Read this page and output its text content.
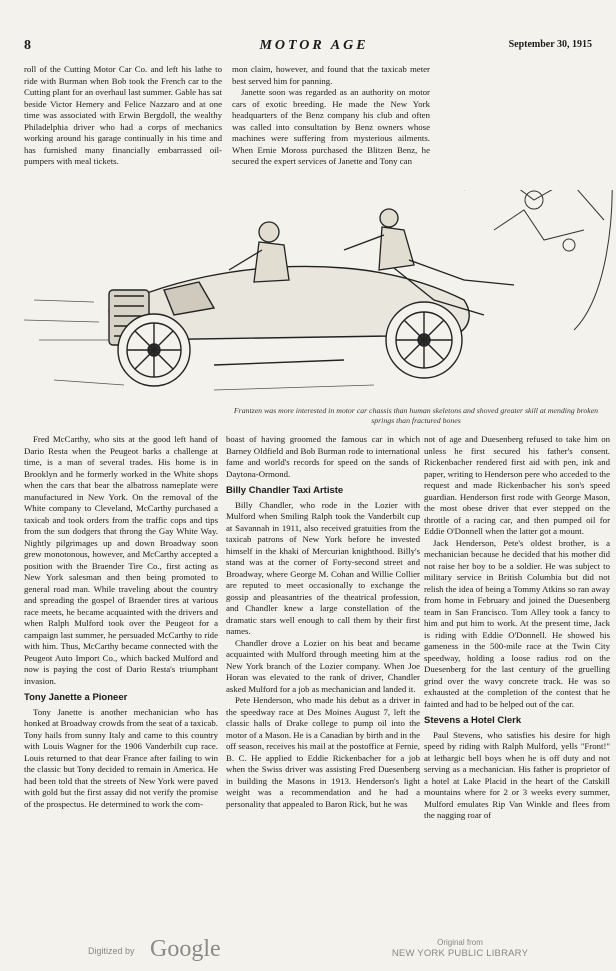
8	MOTOR AGE	September 30, 1915

roll of the Cutting Motor Car Co. and left his lathe to ride with Burman when Bob took the French car to the Cutting plant for an overhaul last summer. Gable has sat beside Victor Hemery and Felice Nazzaro and at one time was associated with Erwin Bergdoll, the wealthy Philadelphia driver who had a corps of mechanics working around his garage continually in his time and has furnished many financially embarrassed oil-pumpers with meal tickets.

mon claim, however, and found that the taxicab meter best served him for panning.

Janette soon was regarded as an authority on motor cars of exotic breeding. He made the New York headquarters of the Benz company his club and often was called into consultation by Benz owners whose machines were suffering from mysterious ailments. When Ernie Moross purchased the Blitzen Benz, he secured the expert services of Janette and Tony can

Frantzen was more interested in motor car chassis than human skeletons and shoved greater skill at mending broken springs than fractured bones

Fred McCarthy, who sits at the good left hand of Dario Resta when the Peugeot barks a challenge at time, is a man of several trades. His home is in Brooklyn and he formerly worked in the White shops when the cars that bear the albatross nameplate were manufactured in New York. On the removal of the White company to Cleveland, McCarthy purchased a taxicab and took orders from the traffic cops and tips from the sun dodgers that throng the Gay White Way. Nightly pilgrimages up and down Broadway soon grew monotonous, however, and McCarthy accepted a position with the Braender Tire Co., first acting as New York salesman and then being promoted to general road man. While traveling about the country and spreading the gospel of Braender tires at various race meets, he became acquainted with the drivers and when Ralph Mulford took over the Peugeot for a campaign last summer, he persuaded McCarthy to ride with him. Thus, McCarthy became connected with the Peugeot Auto Import Co., which backed Mulford and now is paying the cost of Dario Resta's triumphant invasion.

Tony Janette a Pioneer

Tony Janette is another mechanician who has honked at Broadway crowds from the seat of a taxicab. Tony hails from sunny Italy and came to this country with Louis Wagner for the 1906 Vanderbilt cup race. Louis returned to that dear France after failing to win the classic but Tony decided to remain in America. He had been told that the streets of New York were paved with gold but the first assay did not verify the promise of the prospectus. He determined to work the com-

boast of having groomed the famous car in which Barney Oldfield and Bob Burman rode to international fame and world's records for speed on the sands of Daytona-Ormond.

Billy Chandler Taxi Artiste

Billy Chandler, who rode in the Lozier with Mulford when Smiling Ralph took the Vanderbilt cup at Savannah in 1911, also received gratuities from the taxicab patrons of New York before he invested himself in the khaki of Mercurian knighthood. Billy's stand was at the corner of Forty-second street and Broadway, where George M. Cohan and Willie Collier are reputed to meet occasionally to exchange the gossip and pleasantries of the theatrical profession, and Chandler knew a large constellation of the dramatic stars well enough to call them by their first names.

Chandler drove a Lozier on his beat and became acquainted with Mulford through meeting him at the New York branch of the Lozier company. When Joe Horan was elevated to the rank of driver, Chandler asked Mulford for a job as mechanician and landed it.

Pete Henderson, who made his debut as a driver in the speedway race at Des Moines August 7, left the classic halls of Drake college to pump oil into the motor of a Mason. He is a Canadian by birth and in the off season, receives his mail at the postoffice at Fernie, B. C. He applied to Eddie Rickenbacher for a job when the Swiss driver was assisting Fred Duesenberg in building the Masons in 1913. Henderson's light weight was a recommendation and he had a personality that appealed to Baron Rick, but he was

not of age and Duesenberg refused to take him on unless he first secured his father's consent. Rickenbacher rendered first aid with pen, ink and paper, writing to Henderson pere who acceded to the request and made Rickenbacher his son's speed guardian. Henderson first rode with George Mason, the most obese driver that ever stepped on the throttle of a racing car, and then pumped oil for Eddie O'Donnell when the latter got a mount.

Jack Henderson, Pete's oldest brother, is a mechanician because he decided that his mother did not raise her boy to be a soldier. He was subject to military service in British Columbia but did not relish the idea of being a Tommy Atkins so ran away from home in February and joined the Duesenberg team in San Francisco. Tom Alley took a fancy to him and put him to work. At the present time, Jack is riding with Eddie O'Donnell. He showed his gameness in the 500-mile race at the Twin City speedway, holding a loose radius rod on the Duesenberg for the last century of the gruelling grind over the wavy concrete track. He was so exhausted at the completion of the contest that he fainted and had to be helped out of the car.

Stevens a Hotel Clerk

Paul Stevens, who satisfies his desire for high speed by riding with Ralph Mulford, yells "Front!" at lethargic bell boys when he is off duty and not serving as a mechanician. His father is proprietor of a hotel at Lake Placid in the heart of the Catskill mountains where for 2 or 3 weeks every summer, Mulford emulates Rip Van Winkle and flees from the nagging roar of

Digitized by Google	Original from
NEW YORK PUBLIC LIBRARY
